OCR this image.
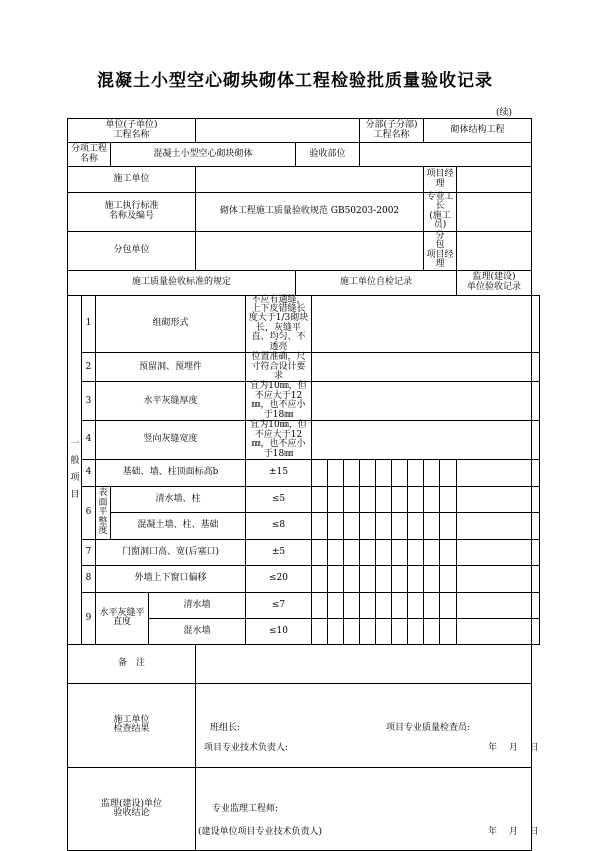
混凝土小型空心砌块砌体工程检验批质量验收记录
(续)
单位(子单位)
工程名称											分部(子分部)
工程名称				砌体结构工程			
分项工程名称			混凝土小型空心砌块砌体				验收部位											
施工单位															项目经理			
施工执行标准
名称及编号					砌体工程施工质量验收规范 GB50203-2002										专业工长
(施工员)			
分包单位															分　　包
项目经理			
施工质量验收标准的规定							施工单位自检记录										监理(建设)
单位验收记录	

一
般
项
目	1	组砌形式				不应有通缝，上下皮错缝长度大于1/3砌块长，灰缝平直、均匀、不透亮												
	2	预留洞、预埋件				位置准确，尺寸符合设计要求												
	3	水平灰缝厚度				宜为10㎜，但不应大于12㎜，也不应小于18㎜												
	4	竖向灰缝宽度				宜为10㎜，但不应大于12㎜，也不应小于18㎜												
	4	基础、墙、柱顶面标高b				±15												
	6	表面平整度	清水墙、柱			≤5												
			混凝土墙、柱、基础			≤8												
	7	门窗洞口高、宽(后塞口)				±5												
	8	外墙上下窗口偏移				≤20												
	9	水平灰缝平直度		清水墙		≤7												
				混水墙		≤10												
备　注																		
施工单位
检查结果					班组长: 项目专业质量检查员:
项目专业技术负责人: 年　 月　 日													

监理(建设)单位
验收结论					专业监理工程师:
(建设单位项目专业技术负责人) 年　 月　 日													
